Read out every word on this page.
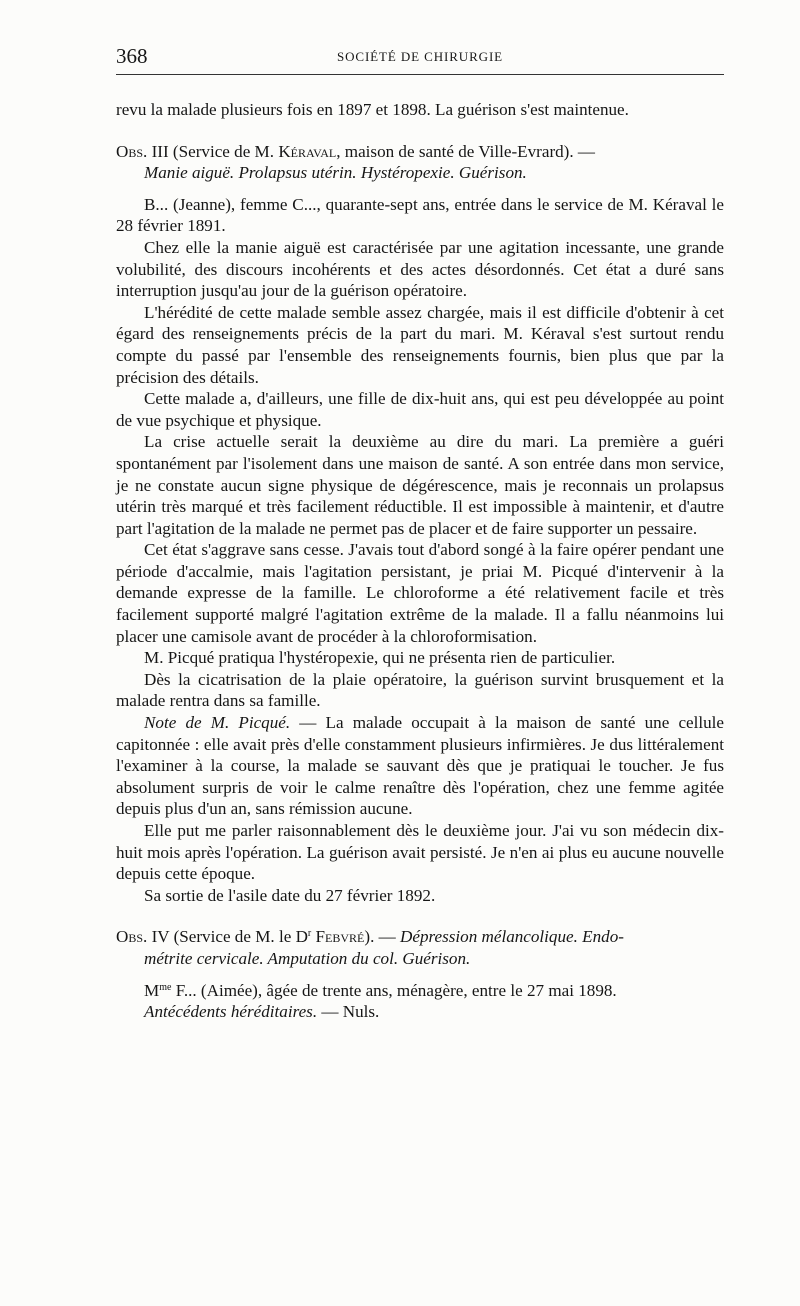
368	SOCIÉTÉ DE CHIRURGIE

revu la malade plusieurs fois en 1897 et 1898. La guérison s'est maintenue.

Obs. III (Service de M. Kéraval, maison de santé de Ville-Evrard). —
Manie aiguë. Prolapsus utérin. Hystéropexie. Guérison.

B... (Jeanne), femme C..., quarante-sept ans, entrée dans le service de M. Kéraval le 28 février 1891.

Chez elle la manie aiguë est caractérisée par une agitation incessante, une grande volubilité, des discours incohérents et des actes désordonnés. Cet état a duré sans interruption jusqu'au jour de la guérison opératoire.

L'hérédité de cette malade semble assez chargée, mais il est difficile d'obtenir à cet égard des renseignements précis de la part du mari. M. Kéraval s'est surtout rendu compte du passé par l'ensemble des renseignements fournis, bien plus que par la précision des détails.

Cette malade a, d'ailleurs, une fille de dix-huit ans, qui est peu développée au point de vue psychique et physique.

La crise actuelle serait la deuxième au dire du mari. La première a guéri spontanément par l'isolement dans une maison de santé. A son entrée dans mon service, je ne constate aucun signe physique de dégérescence, mais je reconnais un prolapsus utérin très marqué et très facilement réductible. Il est impossible à maintenir, et d'autre part l'agitation de la malade ne permet pas de placer et de faire supporter un pessaire.

Cet état s'aggrave sans cesse. J'avais tout d'abord songé à la faire opérer pendant une période d'accalmie, mais l'agitation persistant, je priai M. Picqué d'intervenir à la demande expresse de la famille. Le chloroforme a été relativement facile et très facilement supporté malgré l'agitation extrême de la malade. Il a fallu néanmoins lui placer une camisole avant de procéder à la chloroformisation.

M. Picqué pratiqua l'hystéropexie, qui ne présenta rien de particulier.

Dès la cicatrisation de la plaie opératoire, la guérison survint brusquement et la malade rentra dans sa famille.

Note de M. Picqué. — La malade occupait à la maison de santé une cellule capitonnée : elle avait près d'elle constamment plusieurs infirmières. Je dus littéralement l'examiner à la course, la malade se sauvant dès que je pratiquai le toucher. Je fus absolument surpris de voir le calme renaître dès l'opération, chez une femme agitée depuis plus d'un an, sans rémission aucune.

Elle put me parler raisonnablement dès le deuxième jour. J'ai vu son médecin dix-huit mois après l'opération. La guérison avait persisté. Je n'en ai plus eu aucune nouvelle depuis cette époque.

Sa sortie de l'asile date du 27 février 1892.

Obs. IV (Service de M. le $D^r$ Febvré). — Dépression mélancolique. Endo-
métrite cervicale. Amputation du col. Guérison.

$M^{me}$ F... (Aimée), âgée de trente ans, ménagère, entre le 27 mai 1898.

Antécédents héréditaires. — Nuls.
